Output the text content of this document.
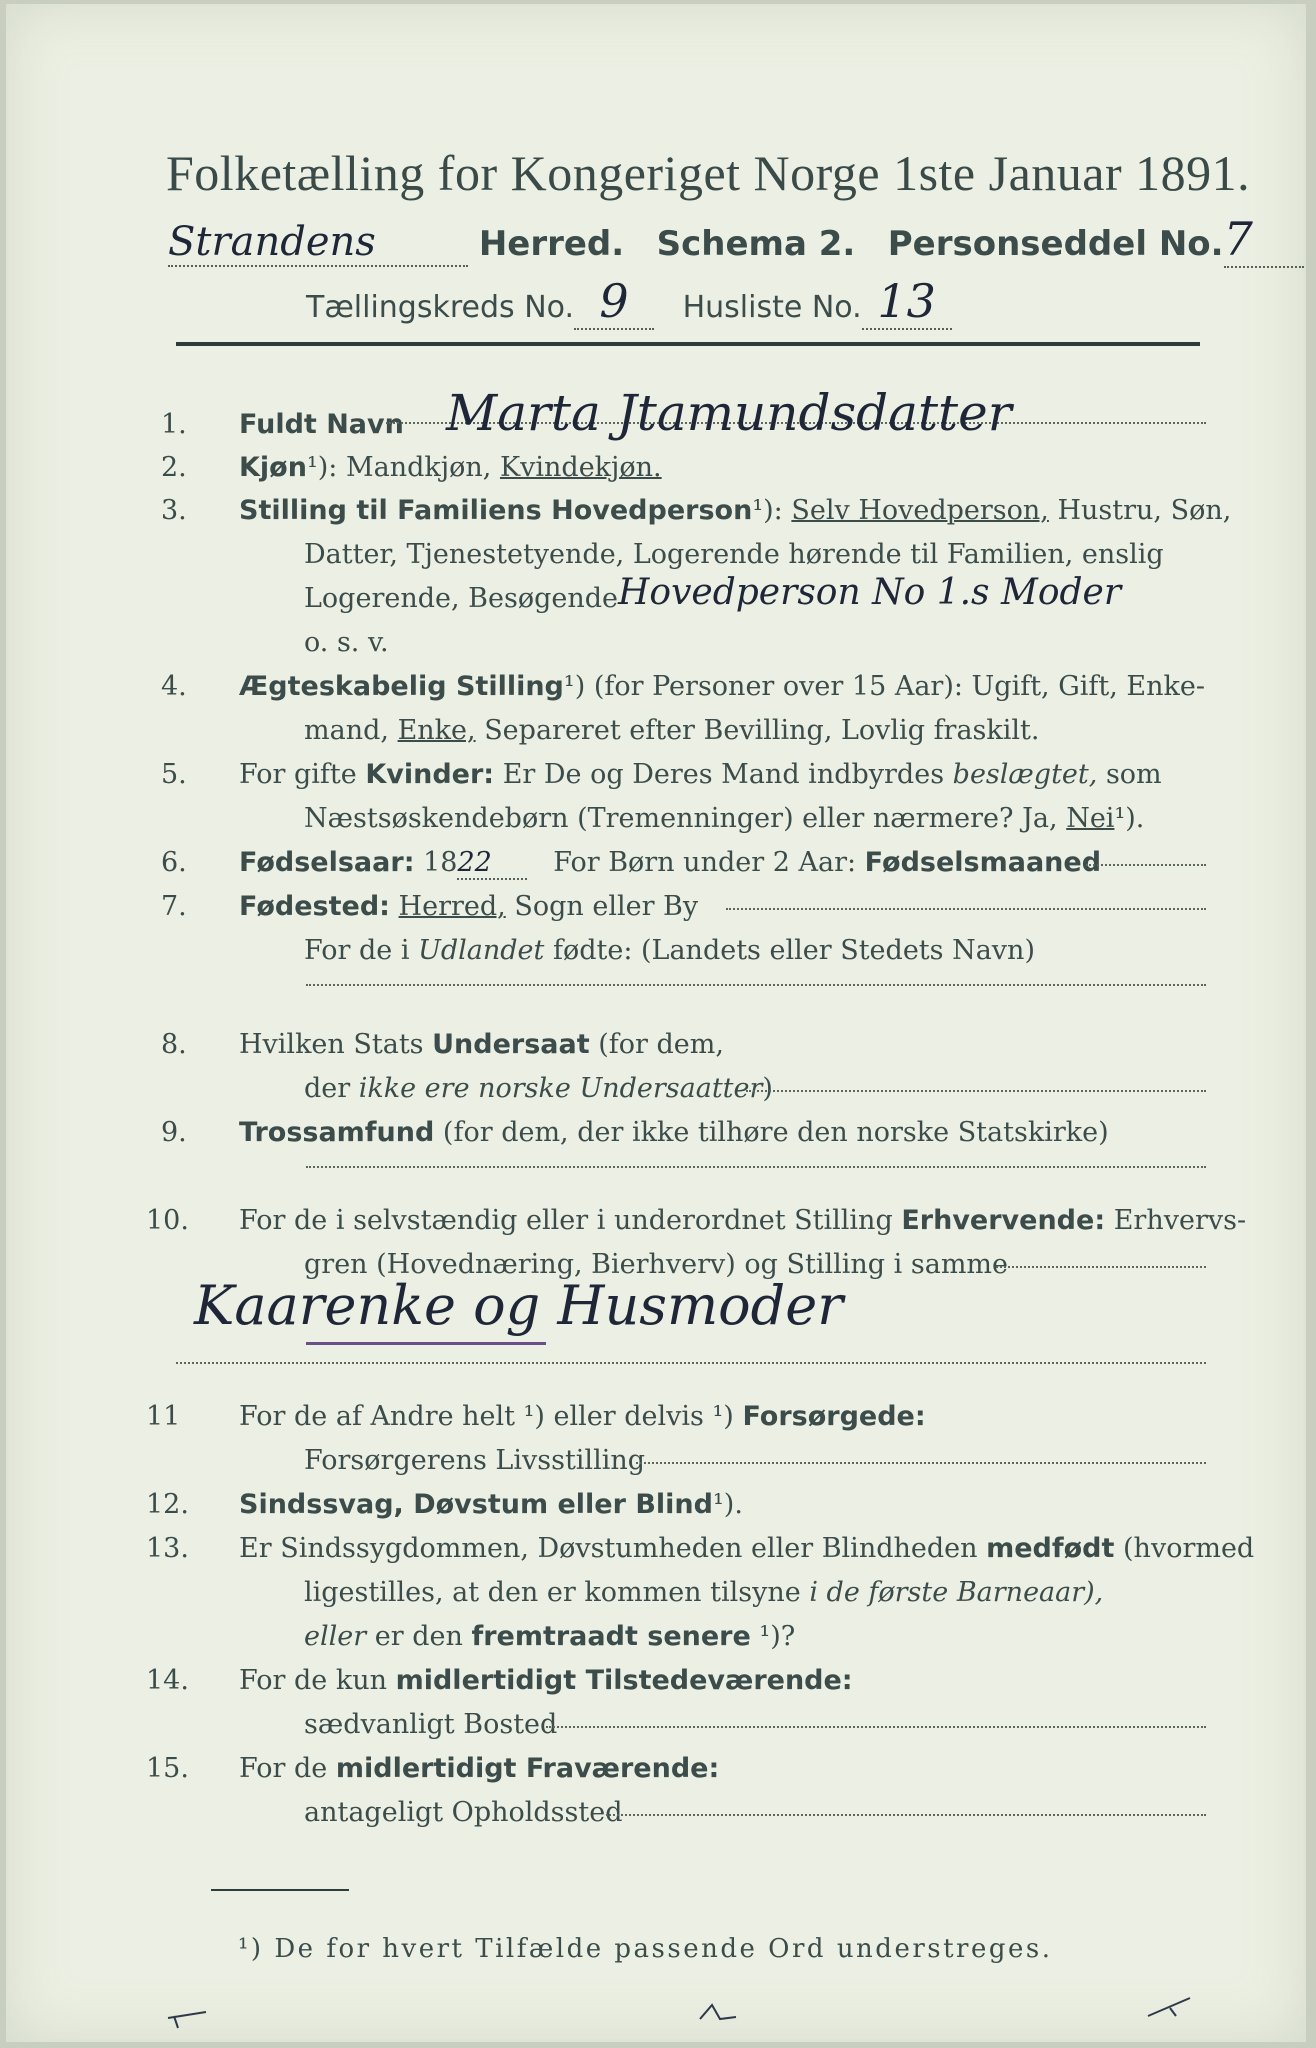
Folketælling for Kongeriget Norge 1ste Januar 1891.
Strandens	Herred. Schema 2. Personseddel No.7
Tællingskreds No. 9 Husliste No. 13
1. Fuldt Navn Marta Jtamundsdatter
2. Kjøn¹): Mandkjøn, Kvindekjøn.
3. Stilling til Familiens Hovedperson¹): Selv Hovedperson, Hustru, Søn,
Datter, Tjenestetyende, Logerende hørende til Familien, enslig
Logerende, Besøgende Hovedperson No 1.s Moder
o. s. v.
4. Ægteskabelig Stilling¹) (for Personer over 15 Aar): Ugift, Gift, Enke-
mand, Enke, Separeret efter Bevilling, Lovlig fraskilt.
5. For gifte Kvinder: Er De og Deres Mand indbyrdes beslægtet, som
Næstsøskendebørn (Tremenninger) eller nærmere? Ja, Nei¹).
6. Fødselsaar: 1822 For Børn under 2 Aar: Fødselsmaaned
7. Fødested: Herred, Sogn eller By
For de i Udlandet fødte: (Landets eller Stedets Navn)
8. Hvilken Stats Undersaat (for dem,
der ikke ere norske Undersaatter)
9. Trossamfund (for dem, der ikke tilhøre den norske Statskirke)
10. For de i selvstændig eller i underordnet Stilling Erhvervende: Erhvervs-
gren (Hovednæring, Bierhverv) og Stilling i samme
Kaarenke og Husmoder
11 For de af Andre helt ¹) eller delvis ¹) Forsørgede:
Forsørgerens Livsstilling
12. Sindssvag, Døvstum eller Blind¹).
13. Er Sindssygdommen, Døvstumheden eller Blindheden medfødt (hvormed
ligestilles, at den er kommen tilsyne i de første Barneaar),
eller er den fremtraadt senere ¹)?
14. For de kun midlertidigt Tilstedeværende:
sædvanligt Bosted
15. For de midlertidigt Fraværende:
antageligt Opholdssted
¹) De for hvert Tilfælde passende Ord understreges.
